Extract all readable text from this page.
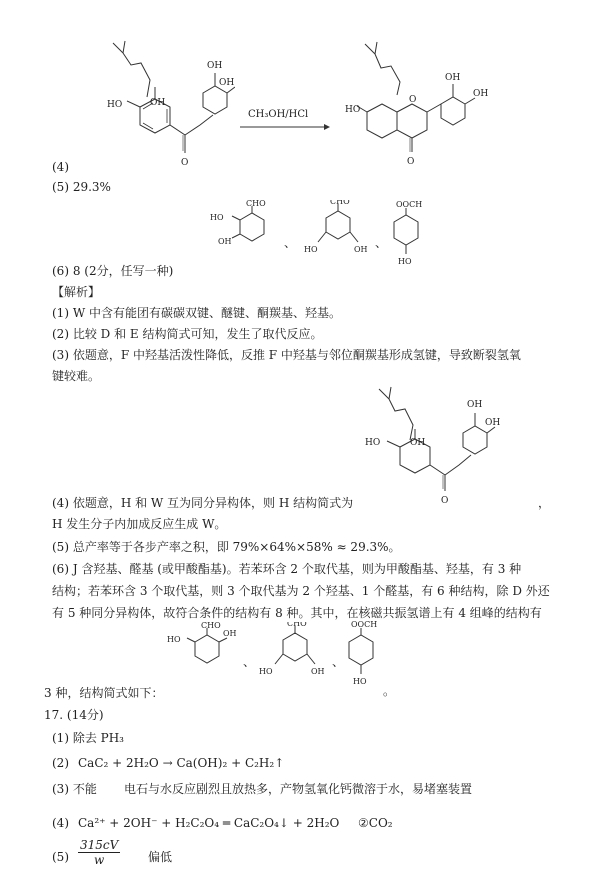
HO	OH
OH
OH
O
CH₃OH/HCl	HO
O
OH
OH
O
(4)
(5) 29.3%
HO
CHO
OH	、
CHO
HO	OH 、
OOCH
HO
(6) 8 (2分，任写一种)
【解析】
(1) W 中含有能团有碳碳双键、醚键、酮羰基、羟基。
(2) 比较 D 和 E 结构简式可知，发生了取代反应。
(3) 依题意，F 中羟基活泼性降低，反推 F 中羟基与邻位酮羰基形成氢键，导致断裂氢氧
键较难。
HO	OH
OH
OH
O
(4) 依题意，H 和 W 互为同分异构体，则 H 结构简式为	，
H 发生分子内加成反应生成 W。
(5) 总产率等于各步产率之积，即 79%×64%×58% ≈ 29.3%。
(6) J 含羟基、醛基 (或甲酸酯基)。若苯环含 2 个取代基，则为甲酸酯基、羟基，有 3 种
结构；若苯环含 3 个取代基，则 3 个取代基为 2 个羟基、1 个醛基，有 6 种结构，除 D 外还
有 5 种同分异构体，故符合条件的结构有 8 种。其中，在核磁共振氢谱上有 4 组峰的结构有
HO
CHO
OH
、
CHO
HO	OH
、
OOCH
HO
3 种，结构简式如下：	。
17. (14分)
(1) 除去 PH₃
(2) CaC₂ + 2H₂O → Ca(OH)₂ + C₂H₂↑
(3) 不能 电石与水反应剧烈且放热多，产物氢氧化钙微溶于水，易堵塞装置
(4) Ca²⁺ + 2OH⁻ + H₂C₂O₄ ═ CaC₂O₄↓ + 2H₂O ②CO₂
$(5) \frac{315cV}{w}$ 偏低
